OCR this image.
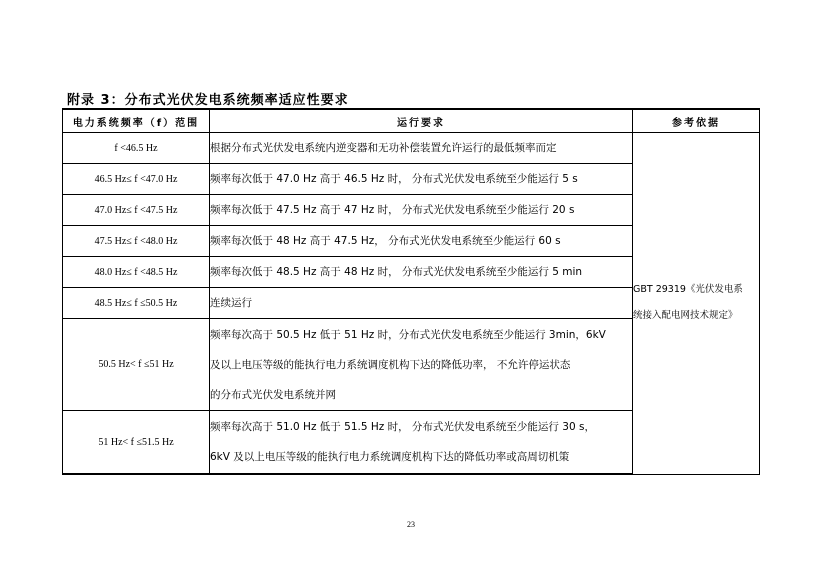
附录 3：分布式光伏发电系统频率适应性要求
电力系统频率（f）范围	运行要求	参考依据
f <46.5 Hz	根据分布式光伏发电系统内逆变器和无功补偿装置允许运行的最低频率而定	GBT 29319《光伏发电系
统接入配电网技术规定》

46.5 Hz≤ f <47.0 Hz	频率每次低于 47.0 Hz 高于 46.5 Hz 时， 分布式光伏发电系统至少能运行 5 s	
47.0 Hz≤ f <47.5 Hz	频率每次低于 47.5 Hz 高于 47 Hz 时， 分布式光伏发电系统至少能运行 20 s	
47.5 Hz≤ f <48.0 Hz	频率每次低于 48 Hz 高于 47.5 Hz， 分布式光伏发电系统至少能运行 60 s	
48.0 Hz≤ f <48.5 Hz	频率每次低于 48.5 Hz 高于 48 Hz 时， 分布式光伏发电系统至少能运行 5 min	
48.5 Hz≤ f ≤50.5 Hz	连续运行	
50.5 Hz< f ≤51 Hz	频率每次高于 50.5 Hz 低于 51 Hz 时，分布式光伏发电系统至少能运行 3min，6kV
及以上电压等级的能执行电力系统调度机构下达的降低功率， 不允许停运状态
的分布式光伏发电系统并网	

51 Hz< f ≤51.5 Hz	频率每次高于 51.0 Hz 低于 51.5 Hz 时， 分布式光伏发电系统至少能运行 30 s，
6kV 及以上电压等级的能执行电力系统调度机构下达的降低功率或高周切机策	
23
